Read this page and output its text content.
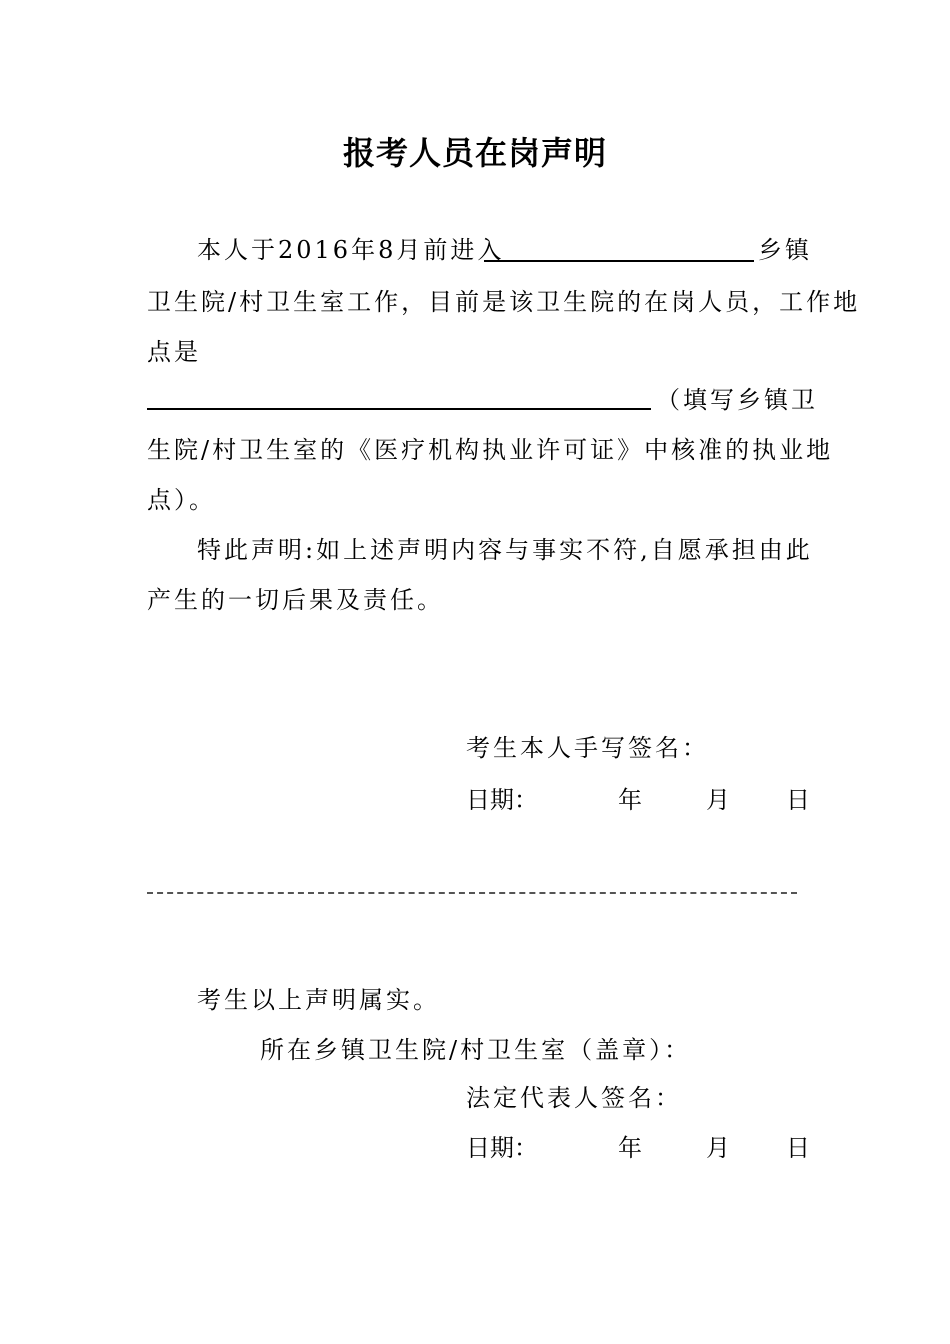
报考人员在岗声明
本人于2016年8月前进入	乡镇
卫生院/村卫生室工作，目前是该卫生院的在岗人员，工作地
点是
（填写乡镇卫
生院/村卫生室的《医疗机构执业许可证》中核准的执业地
点）。
特此声明:如上述声明内容与事实不符,自愿承担由此
产生的一切后果及责任。
考生本人手写签名：
日期：	年	月 日
考生以上声明属实。
所在乡镇卫生院/村卫生室（盖章）：
法定代表人签名：
日期：	年	月 日
